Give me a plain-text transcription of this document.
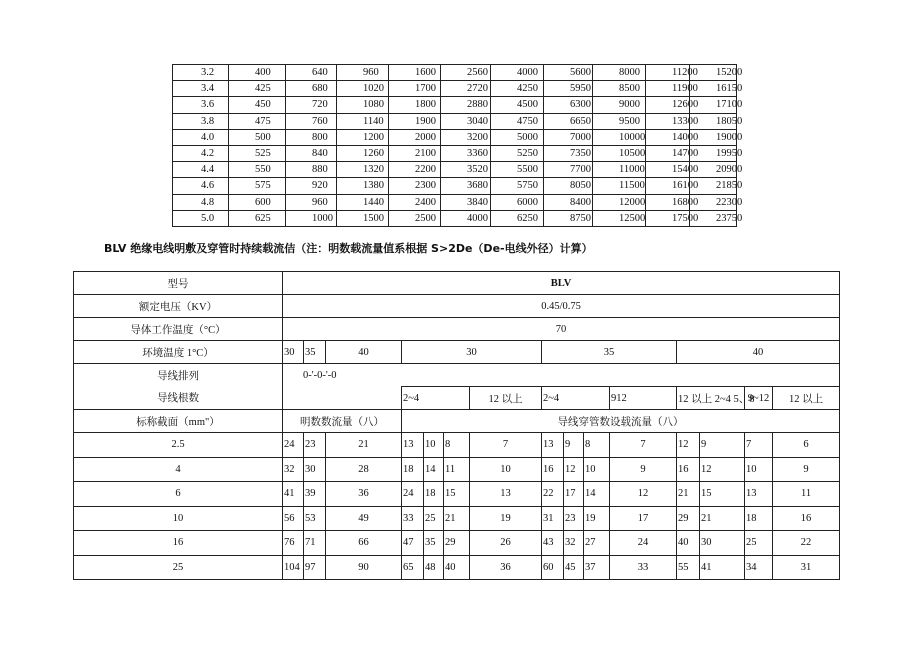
3.2	400	640	960	1600	2560	4000	5600	8000	11200	15200
3.4	425	680	1020	1700	2720	4250	5950	8500	11900	16150
3.6	450	720	1080	1800	2880	4500	6300	9000	12600	17100
3.8	475	760	1140	1900	3040	4750	6650	9500	13300	18050
4.0	500	800	1200	2000	3200	5000	7000	10000	14000	19000
4.2	525	840	1260	2100	3360	5250	7350	10500	14700	19950
4.4	550	880	1320	2200	3520	5500	7700	11000	15400	20900
4.6	575	920	1380	2300	3680	5750	8050	11500	16100	21850
4.8	600	960	1440	2400	3840	6000	8400	12000	16800	22300
5.0	625	1000	1500	2500	4000	6250	8750	12500	17500	23750
BLV 绝缘电线明敷及穿管时持续载流佶（注：明数载流量值系根据 S>2De（De-电线外径）计算）
型号	BLV														
额定电压（KV）	0.45/0.75														
导体工作温度（°C）	70														
环境温度 1°C）	30	35	40	30				35				40			
导线排列	0-'-0-'-0														
导线根数				2~4			12 以上	2~4			912	12 以上 2~4 5、8		9~12	12 以上
标称截面（mm"）	明数数流量（八）			导线穿管数设载流量（八）											
2.5	24	23	21	13	10	8	7	13	9	8	7	12	9	7	6
4	32	30	28	18	14	11	10	16	12	10	9	16	12	10	9
6	41	39	36	24	18	15	13	22	17	14	12	21	15	13	11
10	56	53	49	33	25	21	19	31	23	19	17	29	21	18	16
16	76	71	66	47	35	29	26	43	32	27	24	40	30	25	22
25	104	97	90	65	48	40	36	60	45	37	33	55	41	34	31
